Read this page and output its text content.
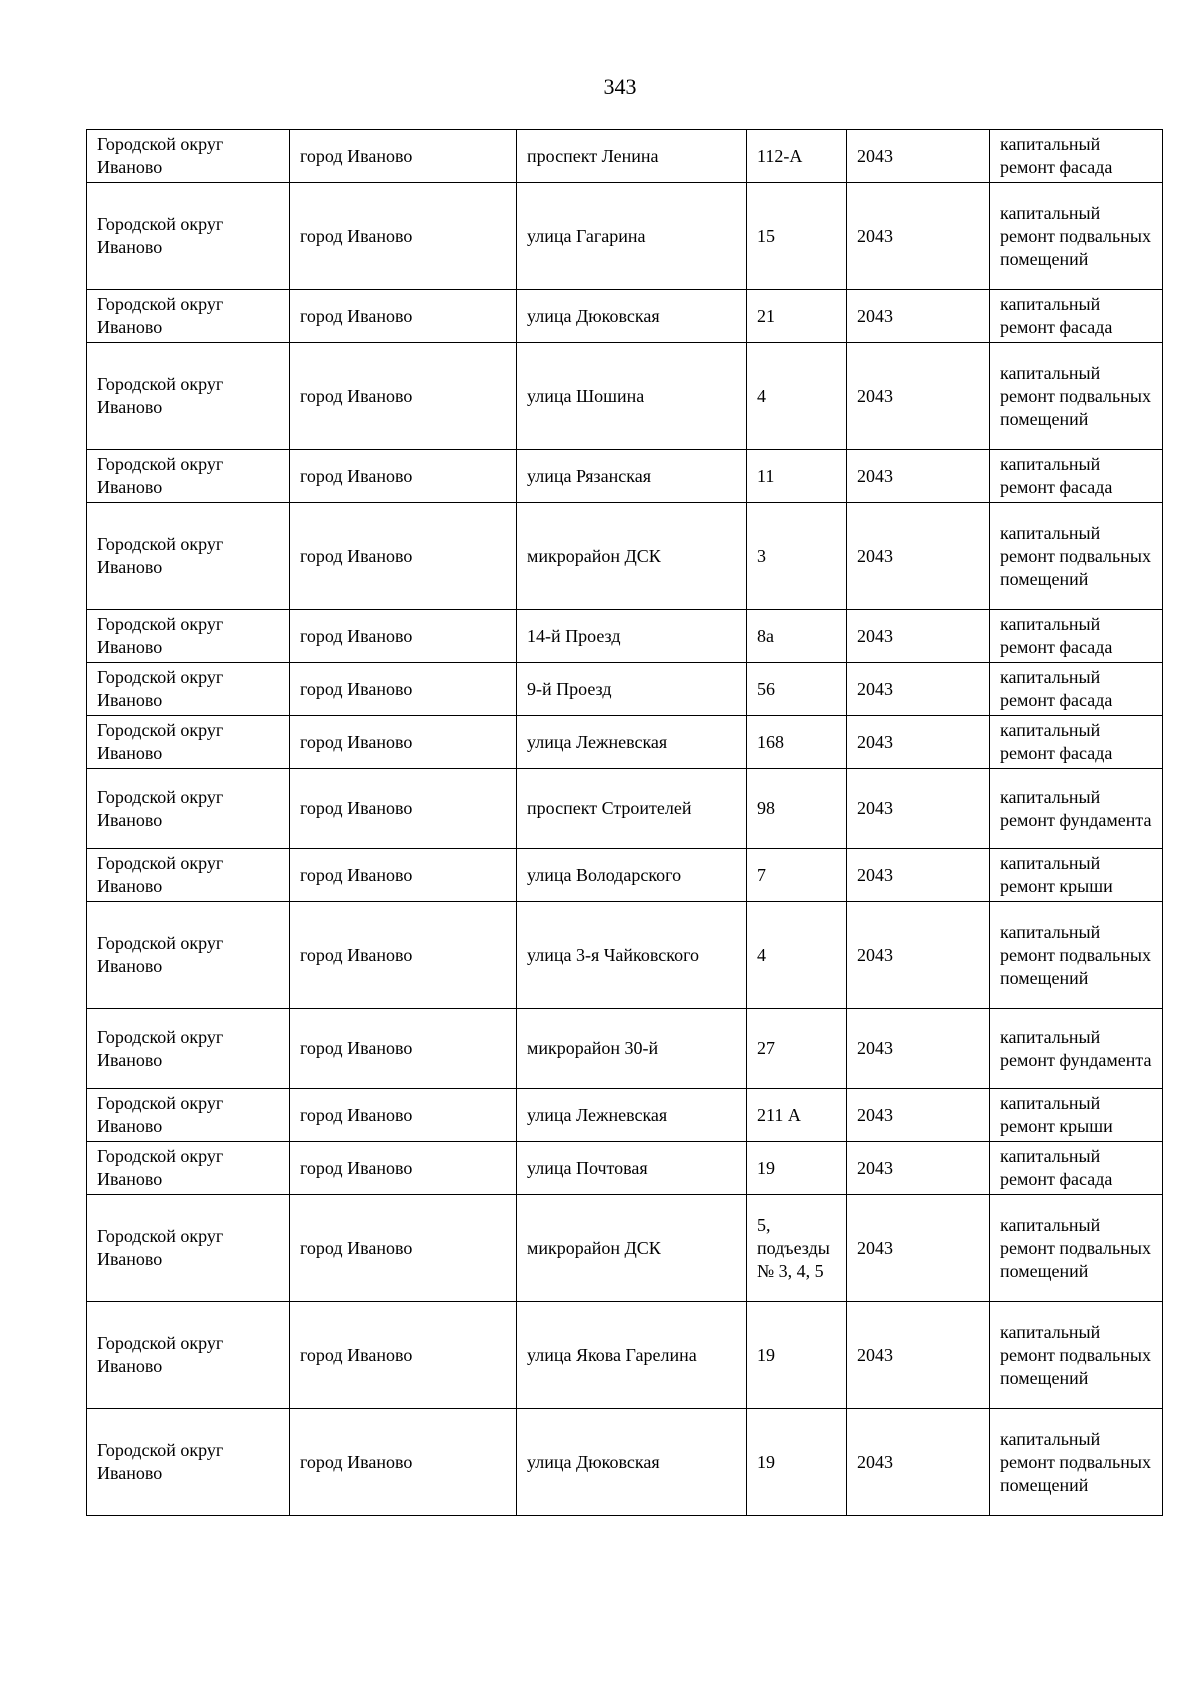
343
Городской округ Иваново	город Иваново	проспект Ленина	112-А	2043	капитальный ремонт фасада
Городской округ Иваново	город Иваново	улица Гагарина	15	2043	капитальный ремонт подвальных помещений
Городской округ Иваново	город Иваново	улица Дюковская	21	2043	капитальный ремонт фасада
Городской округ Иваново	город Иваново	улица Шошина	4	2043	капитальный ремонт подвальных помещений
Городской округ Иваново	город Иваново	улица Рязанская	11	2043	капитальный ремонт фасада
Городской округ Иваново	город Иваново	микрорайон ДСК	3	2043	капитальный ремонт подвальных помещений
Городской округ Иваново	город Иваново	14-й Проезд	8а	2043	капитальный ремонт фасада
Городской округ Иваново	город Иваново	9-й Проезд	56	2043	капитальный ремонт фасада
Городской округ Иваново	город Иваново	улица Лежневская	168	2043	капитальный ремонт фасада
Городской округ Иваново	город Иваново	проспект Строителей	98	2043	капитальный ремонт фундамента
Городской округ Иваново	город Иваново	улица Володарского	7	2043	капитальный ремонт крыши
Городской округ Иваново	город Иваново	улица 3-я Чайковского	4	2043	капитальный ремонт подвальных помещений
Городской округ Иваново	город Иваново	микрорайон 30-й	27	2043	капитальный ремонт фундамента
Городской округ Иваново	город Иваново	улица Лежневская	211 А	2043	капитальный ремонт крыши
Городской округ Иваново	город Иваново	улица Почтовая	19	2043	капитальный ремонт фасада
Городской округ Иваново	город Иваново	микрорайон ДСК	5, подъезды № 3, 4, 5	2043	капитальный ремонт подвальных помещений
Городской округ Иваново	город Иваново	улица Якова Гарелина	19	2043	капитальный ремонт подвальных помещений
Городской округ Иваново	город Иваново	улица Дюковская	19	2043	капитальный ремонт подвальных помещений
